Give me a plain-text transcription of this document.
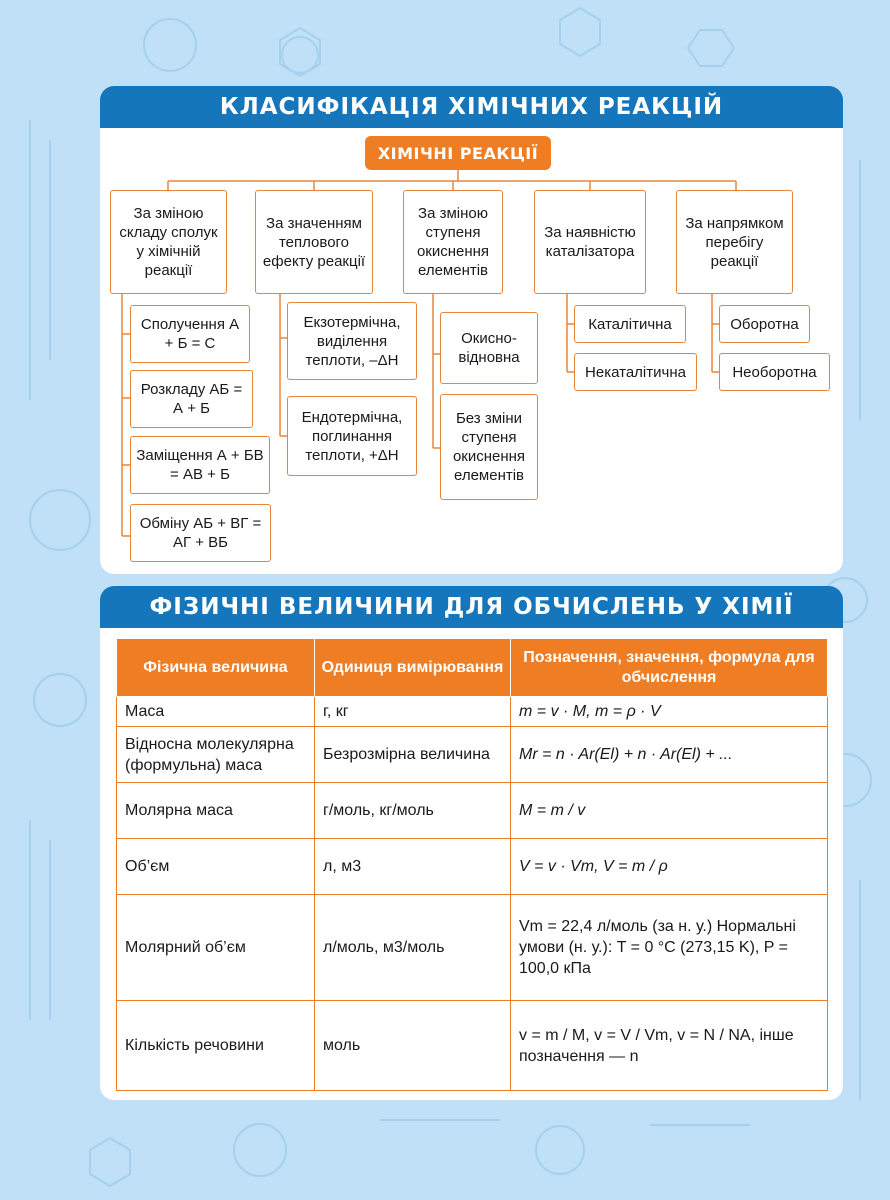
КЛАСИФІКАЦІЯ ХІМІЧНИХ РЕАКЦІЙ
ХІМІЧНІ РЕАКЦІЇ
За зміною складу сполук у хімічній реакції
За значенням теплового ефекту реакції
За зміною ступеня окиснення елементів
За наявністю каталізатора
За напрямком перебігу реакції
Сполучення А + Б = С
Розкладу АБ = А + Б
Заміщення А + БВ = АВ + Б
Обміну АБ + ВГ = АГ + ВБ
Екзотермічна, виділення теплоти, –ΔН
Ендотермічна, поглинання теплоти, +ΔН
Окисно-відновна
Без зміни ступеня окиснення елементів
Каталітична
Некаталітична
Оборотна
Необоротна
ФІЗИЧНІ ВЕЛИЧИНИ ДЛЯ ОБЧИСЛЕНЬ У ХІМІЇ
Фізична величина	Одиниця вимірювання	Позначення, значення, формула для обчислення
Маса	г, кг	m = v · M, m = ρ · V
Відносна молекулярна (формульна) маса	Безрозмірна величина	Mr = n · Ar(El) + n · Ar(El) + ...
Молярна маса	г/моль, кг/моль	M = m / v
Об’єм	л, м3	V = v · Vm, V = m / ρ
Молярний об’єм	л/моль, м3/моль	Vm = 22,4 л/моль (за н. у.) Нормальні умови (н. у.): T = 0 °C (273,15 K), P = 100,0 кПа
Кількість речовини	моль	v = m / M, v = V / Vm, v = N / NA, інше позначення — n
